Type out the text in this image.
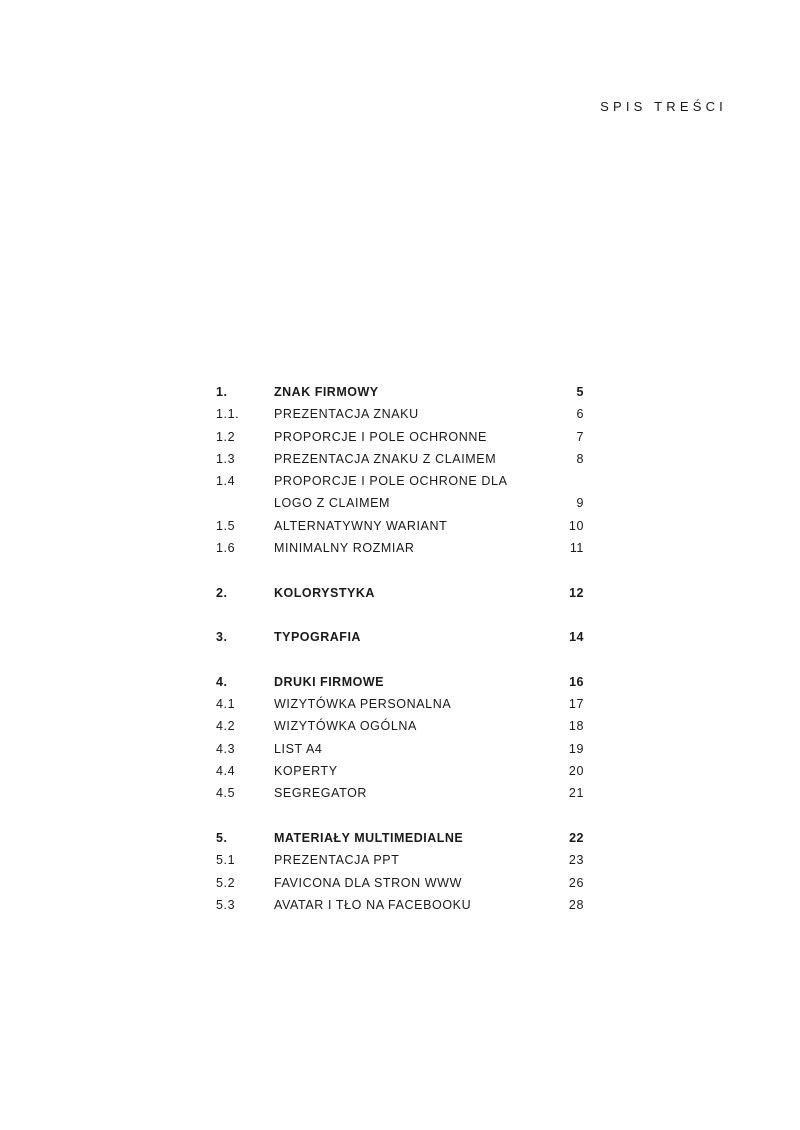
SPIS TREŚCI
1.	ZNAK FIRMOWY	5
1.1.	PREZENTACJA ZNAKU	6
1.2	PROPORCJE I POLE OCHRONNE	7
1.3	PREZENTACJA ZNAKU Z CLAIMEM	8
1.4	PROPORCJE I POLE OCHRONE DLA
LOGO Z CLAIMEM	9
1.5	ALTERNATYWNY WARIANT	10
1.6	MINIMALNY ROZMIAR	11
2.	KOLORYSTYKA	12
3.	TYPOGRAFIA	14
4.	DRUKI FIRMOWE	16
4.1	WIZYTÓWKA PERSONALNA	17
4.2	WIZYTÓWKA OGÓLNA	18
4.3	LIST A4	19
4.4	KOPERTY	20
4.5	SEGREGATOR	21
5.	MATERIAŁY MULTIMEDIALNE	22
5.1	PREZENTACJA PPT	23
5.2	FAVICONA DLA STRON WWW	26
5.3	AVATAR I TŁO NA FACEBOOKU	28
